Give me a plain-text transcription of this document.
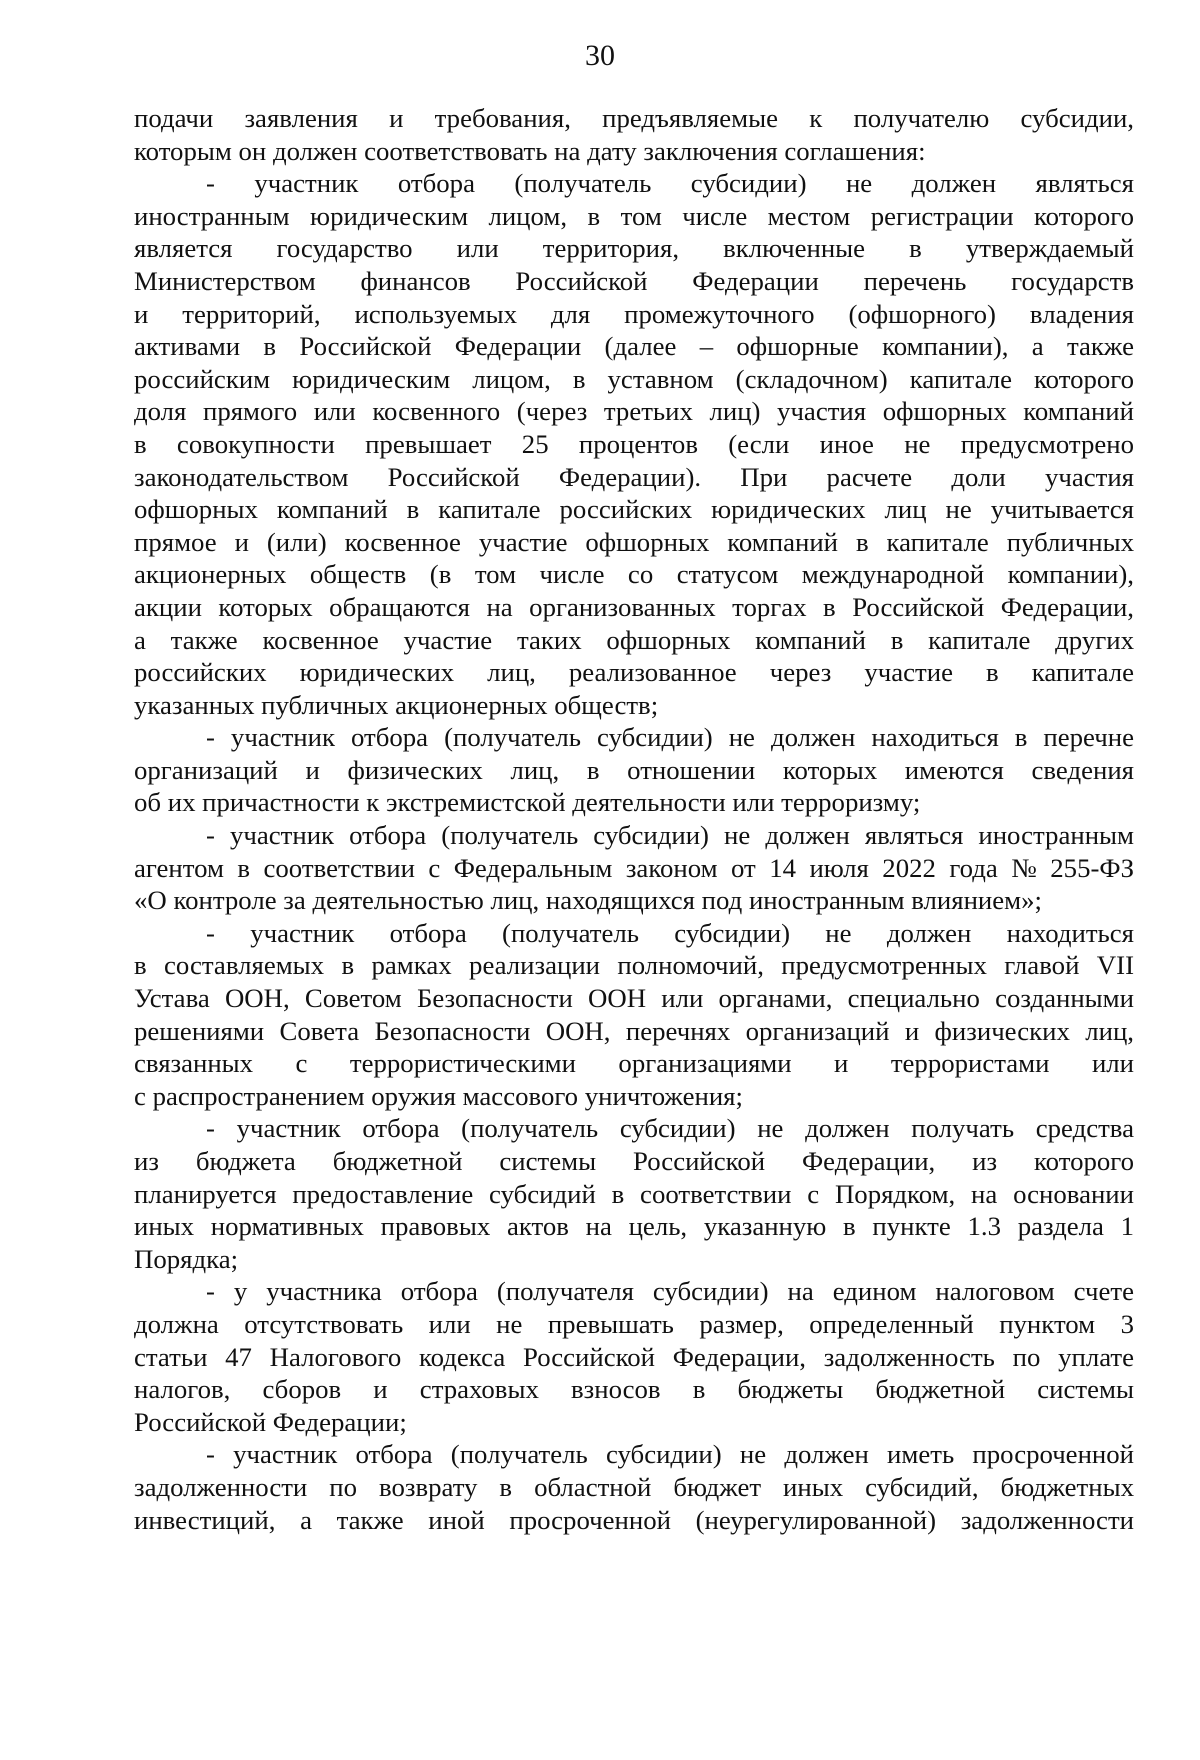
30
подачи заявления и требования, предъявляемые к получателю субсидии,
которым он должен соответствовать на дату заключения соглашения:
- участник отбора (получатель субсидии) не должен являться
иностранным юридическим лицом, в том числе местом регистрации которого
является государство или территория, включенные в утверждаемый
Министерством финансов Российской Федерации перечень государств
и территорий, используемых для промежуточного (офшорного) владения
активами в Российской Федерации (далее – офшорные компании), а также
российским юридическим лицом, в уставном (складочном) капитале которого
доля прямого или косвенного (через третьих лиц) участия офшорных компаний
в совокупности превышает 25 процентов (если иное не предусмотрено
законодательством Российской Федерации). При расчете доли участия
офшорных компаний в капитале российских юридических лиц не учитывается
прямое и (или) косвенное участие офшорных компаний в капитале публичных
акционерных обществ (в том числе со статусом международной компании),
акции которых обращаются на организованных торгах в Российской Федерации,
а также косвенное участие таких офшорных компаний в капитале других
российских юридических лиц, реализованное через участие в капитале
указанных публичных акционерных обществ;
- участник отбора (получатель субсидии) не должен находиться в перечне
организаций и физических лиц, в отношении которых имеются сведения
об их причастности к экстремистской деятельности или терроризму;
- участник отбора (получатель субсидии) не должен являться иностранным
агентом в соответствии с Федеральным законом от 14 июля 2022 года № 255-ФЗ
«О контроле за деятельностью лиц, находящихся под иностранным влиянием»;
- участник отбора (получатель субсидии) не должен находиться
в составляемых в рамках реализации полномочий, предусмотренных главой VII
Устава ООН, Советом Безопасности ООН или органами, специально созданными
решениями Совета Безопасности ООН, перечнях организаций и физических лиц,
связанных с террористическими организациями и террористами или
с распространением оружия массового уничтожения;
- участник отбора (получатель субсидии) не должен получать средства
из бюджета бюджетной системы Российской Федерации, из которого
планируется предоставление субсидий в соответствии с Порядком, на основании
иных нормативных правовых актов на цель, указанную в пункте 1.3 раздела 1
Порядка;
- у участника отбора (получателя субсидии) на едином налоговом счете
должна отсутствовать или не превышать размер, определенный пунктом 3
статьи 47 Налогового кодекса Российской Федерации, задолженность по уплате
налогов, сборов и страховых взносов в бюджеты бюджетной системы
Российской Федерации;
- участник отбора (получатель субсидии) не должен иметь просроченной
задолженности по возврату в областной бюджет иных субсидий, бюджетных
инвестиций, а также иной просроченной (неурегулированной) задолженности
